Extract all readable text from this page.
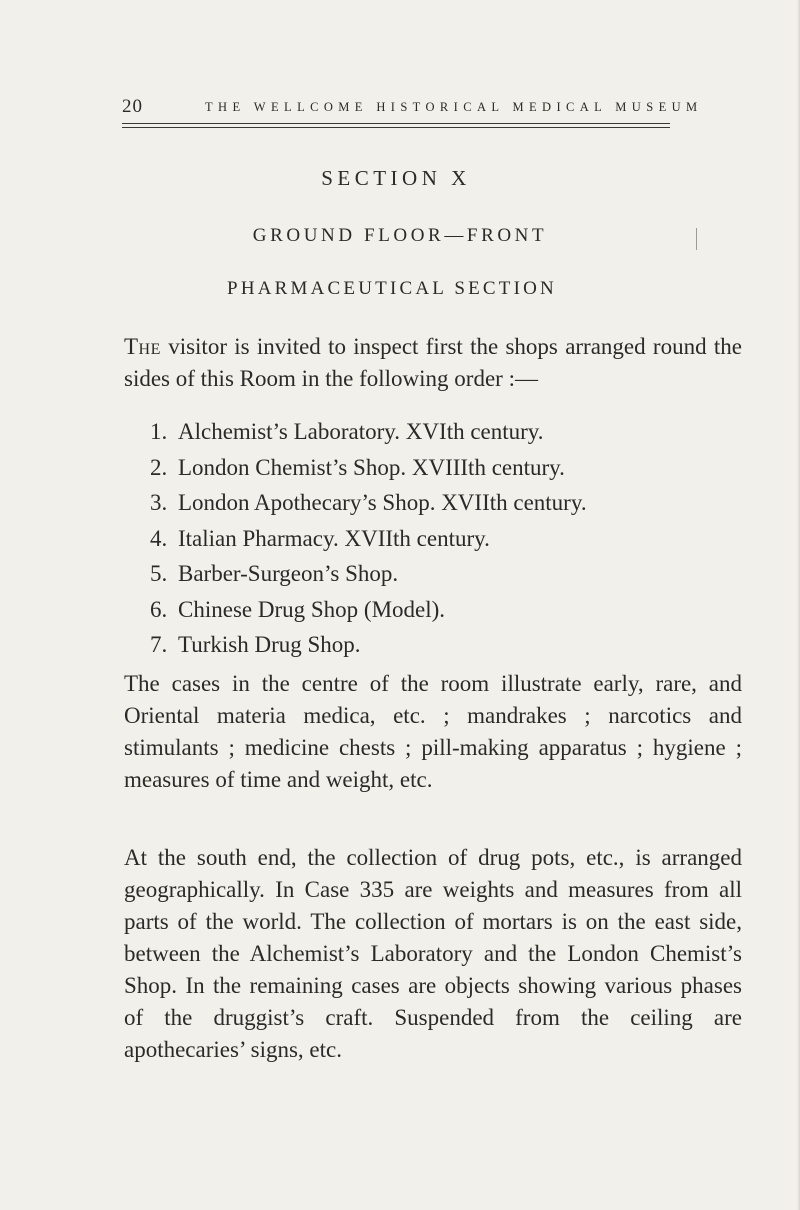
20	THE WELLCOME HISTORICAL MEDICAL MUSEUM
SECTION X
GROUND FLOOR—FRONT
PHARMACEUTICAL SECTION

The visitor is invited to inspect first the shops arranged round the sides of this Room in the following order :—

1. Alchemist’s Laboratory. XVIth century.
2. London Chemist’s Shop. XVIIIth century.
3. London Apothecary’s Shop. XVIIth century.
4. Italian Pharmacy. XVIIth century.
5. Barber-Surgeon’s Shop.
6. Chinese Drug Shop (Model).
7. Turkish Drug Shop.

The cases in the centre of the room illustrate early, rare, and Oriental materia medica, etc. ; mandrakes ; narcotics and stimulants ; medicine chests ; pill-making apparatus ; hygiene ; measures of time and weight, etc.

At the south end, the collection of drug pots, etc., is arranged geographically. In Case 335 are weights and measures from all parts of the world. The collection of mortars is on the east side, between the Alchemist’s Laboratory and the London Chemist’s Shop. In the remaining cases are objects showing various phases of the druggist’s craft. Suspended from the ceiling are apothecaries’ signs, etc.
